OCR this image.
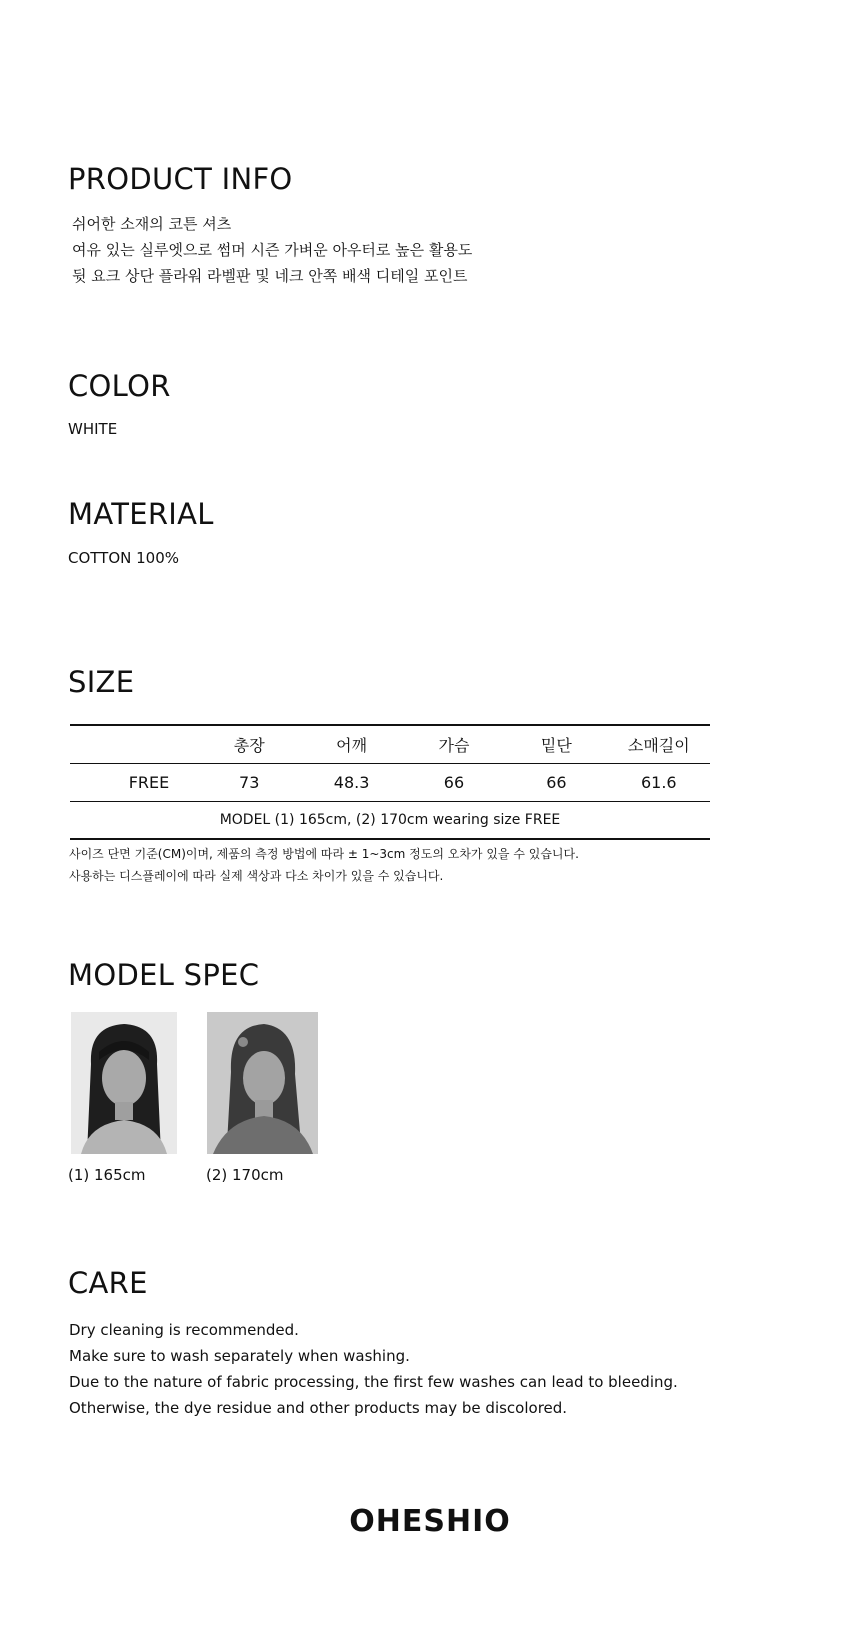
PRODUCT INFO
쉬어한 소재의 코튼 셔츠
여유 있는 실루엣으로 썸머 시즌 가벼운 아우터로 높은 활용도
뒷 요크 상단 플라워 라벨판 및 네크 안쪽 배색 디테일 포인트
COLOR
WHITE
MATERIAL
COTTON 100%
SIZE
	총장	어깨	가슴	밑단	소매길이
FREE	73	48.3	66	66	61.6
MODEL (1) 165cm, (2) 170cm wearing size FREE					
사이즈 단면 기준(CM)이며, 제품의 측정 방법에 따라 ± 1~3cm 정도의 오차가 있을 수 있습니다.
사용하는 디스플레이에 따라 실제 색상과 다소 차이가 있을 수 있습니다.
MODEL SPEC
(1) 165cm	(2) 170cm
CARE
Dry cleaning is recommended.
Make sure to wash separately when washing.
Due to the nature of fabric processing, the first few washes can lead to bleeding.
Otherwise, the dye residue and other products may be discolored.
OHESHIO
